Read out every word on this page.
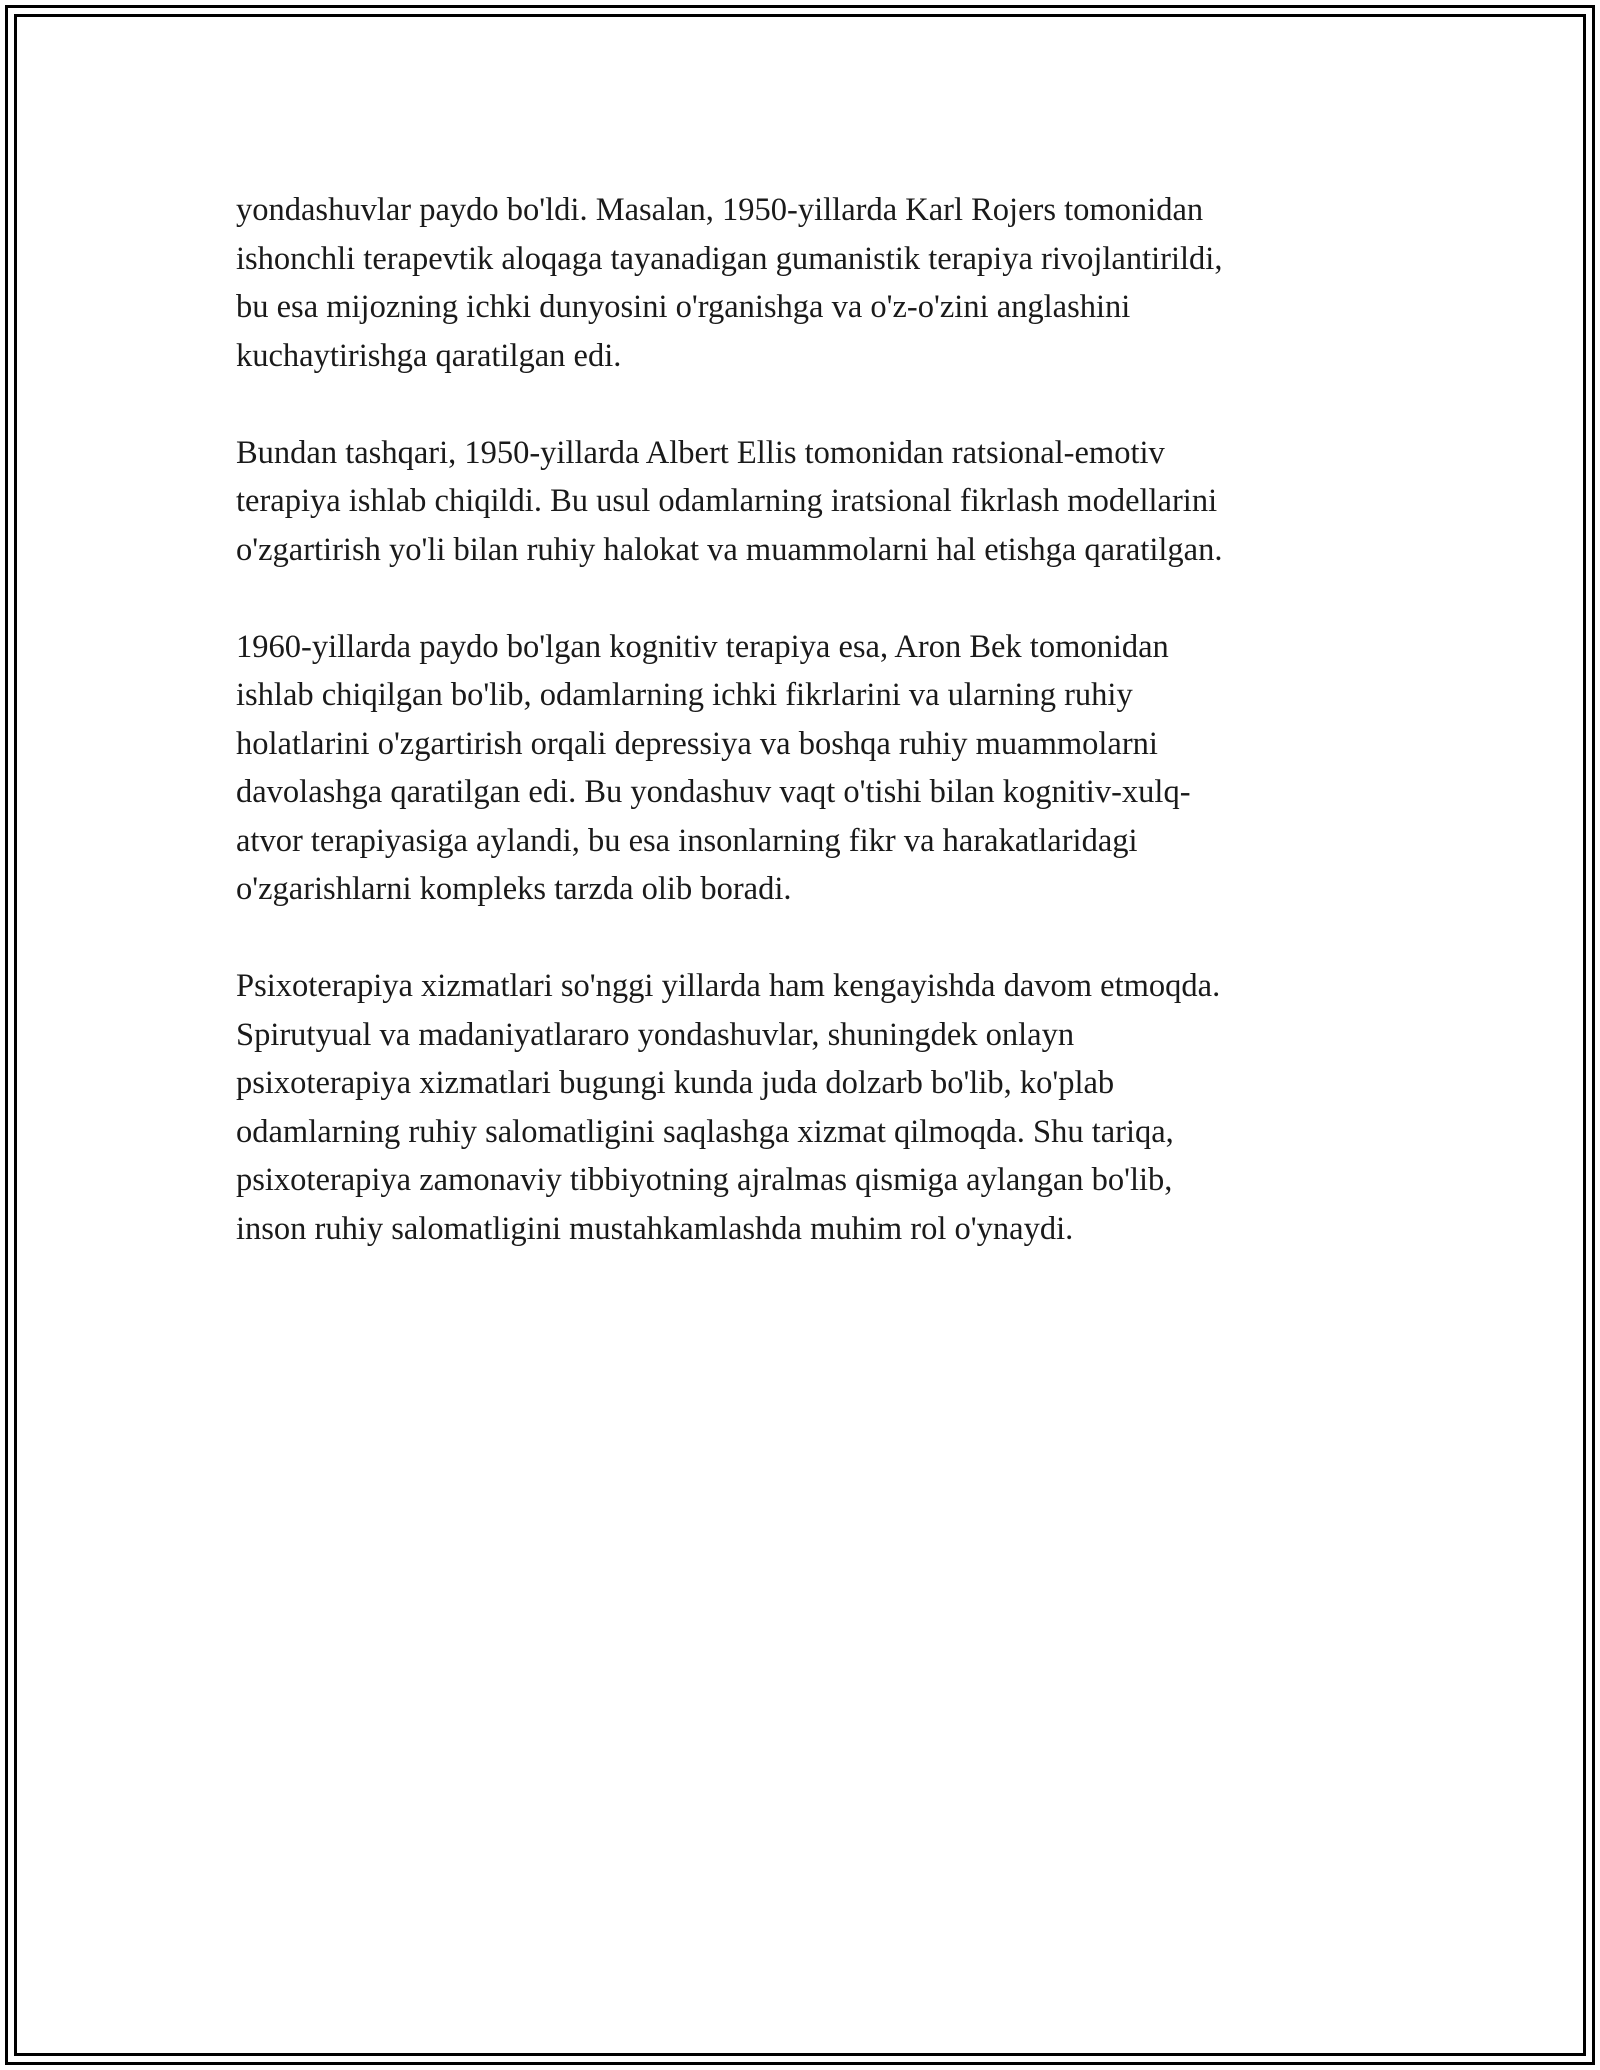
yondashuvlar paydo bo'ldi. Masalan, 1950-yillarda Karl Rojers tomonidan
ishonchli terapevtik aloqaga tayanadigan gumanistik terapiya rivojlantirildi,
bu esa mijozning ichki dunyosini o'rganishga va o'z-o'zini anglashini
kuchaytirishga qaratilgan edi.

Bundan tashqari, 1950-yillarda Albert Ellis tomonidan ratsional-emotiv
terapiya ishlab chiqildi. Bu usul odamlarning iratsional fikrlash modellarini
o'zgartirish yo'li bilan ruhiy halokat va muammolarni hal etishga qaratilgan.

1960-yillarda paydo bo'lgan kognitiv terapiya esa, Aron Bek tomonidan
ishlab chiqilgan bo'lib, odamlarning ichki fikrlarini va ularning ruhiy
holatlarini o'zgartirish orqali depressiya va boshqa ruhiy muammolarni
davolashga qaratilgan edi. Bu yondashuv vaqt o'tishi bilan kognitiv-xulq-
atvor terapiyasiga aylandi, bu esa insonlarning fikr va harakatlaridagi
o'zgarishlarni kompleks tarzda olib boradi.

Psixoterapiya xizmatlari so'nggi yillarda ham kengayishda davom etmoqda.
Spirutyual va madaniyatlararo yondashuvlar, shuningdek onlayn
psixoterapiya xizmatlari bugungi kunda juda dolzarb bo'lib, ko'plab
odamlarning ruhiy salomatligini saqlashga xizmat qilmoqda. Shu tariqa,
psixoterapiya zamonaviy tibbiyotning ajralmas qismiga aylangan bo'lib,
inson ruhiy salomatligini mustahkamlashda muhim rol o'ynaydi.
